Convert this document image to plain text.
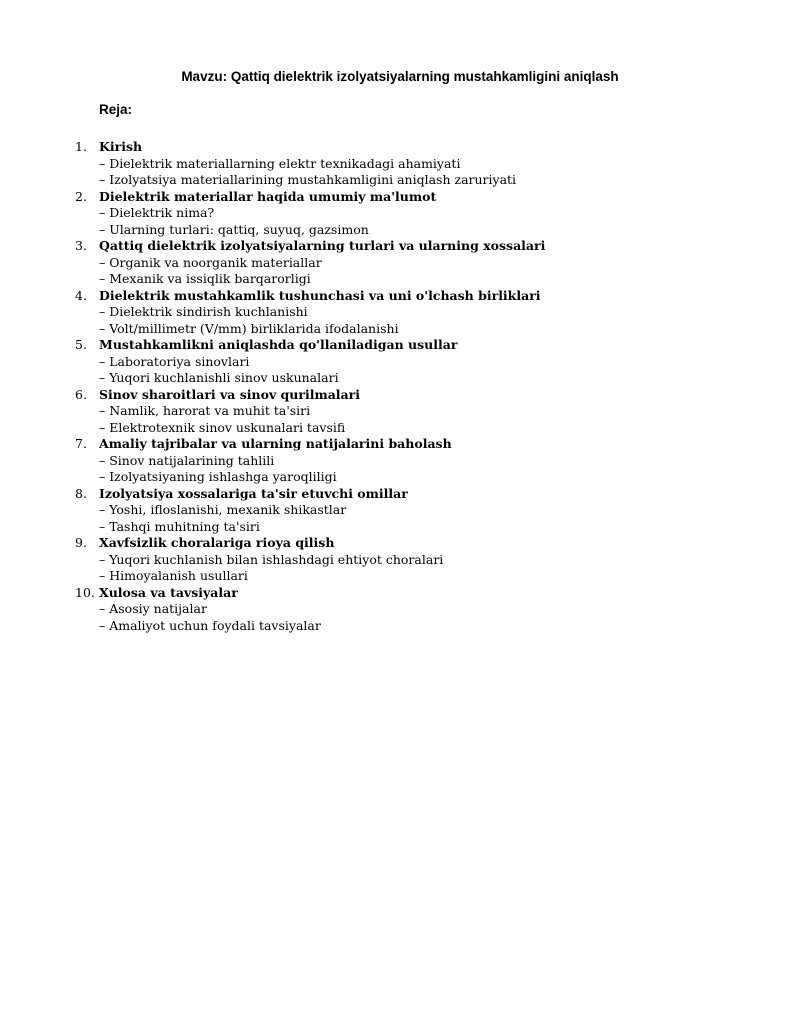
Mavzu: Qattiq dielektrik izolyatsiyalarning mustahkamligini aniqlash
Reja:
1. Kirish
– Dielektrik materiallarning elektr texnikadagi ahamiyati
– Izolyatsiya materiallarining mustahkamligini aniqlash zaruriyati
2. Dielektrik materiallar haqida umumiy ma'lumot
– Dielektrik nima?
– Ularning turlari: qattiq, suyuq, gazsimon
3. Qattiq dielektrik izolyatsiyalarning turlari va ularning xossalari
– Organik va noorganik materiallar
– Mexanik va issiqlik barqarorligi
4. Dielektrik mustahkamlik tushunchasi va uni o'lchash birliklari
– Dielektrik sindirish kuchlanishi
– Volt/millimetr (V/mm) birliklarida ifodalanishi
5. Mustahkamlikni aniqlashda qo'llaniladigan usullar
– Laboratoriya sinovlari
– Yuqori kuchlanishli sinov uskunalari
6. Sinov sharoitlari va sinov qurilmalari
– Namlik, harorat va muhit ta'siri
– Elektrotexnik sinov uskunalari tavsifi
7. Amaliy tajribalar va ularning natijalarini baholash
– Sinov natijalarining tahlili
– Izolyatsiyaning ishlashga yaroqliligi
8. Izolyatsiya xossalariga ta'sir etuvchi omillar
– Yoshi, ifloslanishi, mexanik shikastlar
– Tashqi muhitning ta'siri
9. Xavfsizlik choralariga rioya qilish
– Yuqori kuchlanish bilan ishlashdagi ehtiyot choralari
– Himoyalanish usullari
10. Xulosa va tavsiyalar
– Asosiy natijalar
– Amaliyot uchun foydali tavsiyalar
